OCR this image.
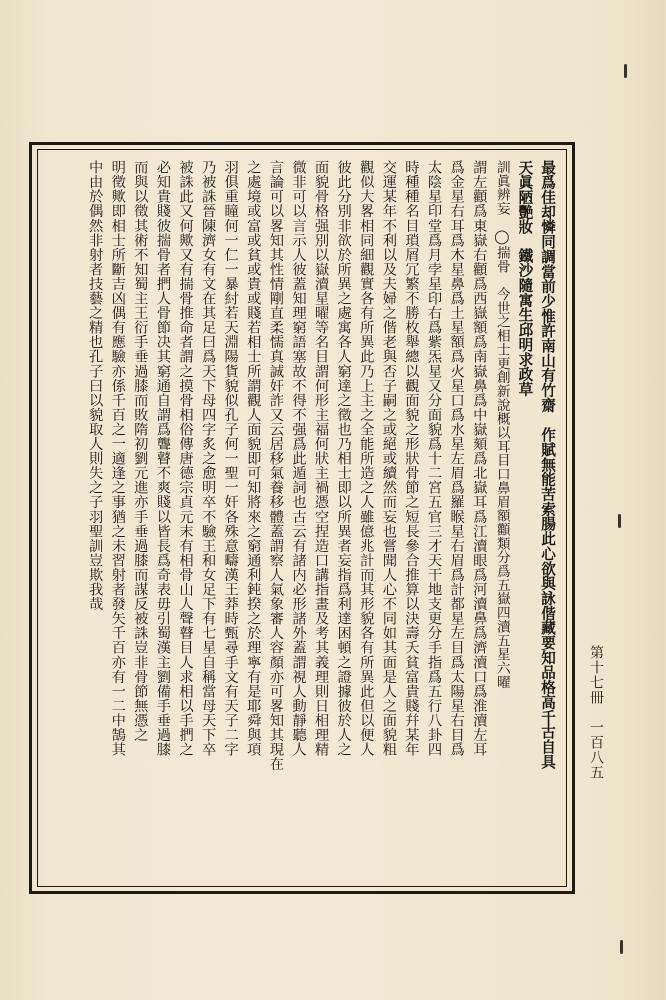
最爲佳却憐同調當前少惟許南山有竹齋　作賦無能苦索腸此心欲與詠偕藏要知品格高千古自具
天眞陋艷妝鐵沙隨寓生邱明求政草
訓眞辨妄　◯揣骨　今世之相士更創新說概以耳目口鼻眉額顴類分爲五嶽四瀆五星六曜
謂左顴爲東嶽右顴爲西嶽額爲南嶽鼻爲中嶽頦爲北嶽耳爲江瀆眼爲河瀆鼻爲濟瀆口爲淮瀆左耳
爲金星右耳爲木星鼻爲土星額爲火星口爲水星左眉爲羅睺星右眉爲計都星左目爲太陽星右目爲
太陰星印堂爲月孛星印右爲紫炁星又分面貌爲十二宮五官三才天干地支更分手指爲五行八卦四
時種種名目瑣屑冗繁不勝枚舉總以觀面貌之形狀骨節之短長參合推算以決壽夭貧富貴賤幷某年
交運某年不利以及夫婦之偕老與否子嗣之或絕或續然而妄也嘗聞人心不同如其面是人之面貌粗
觀似大畧相同細觀實各有所異此乃上主之全能所造之人雖億兆計而其形貌各有所異此但以便人
彼此分別非欲於所異之處寓各人窮達之徵也乃相士即以所異者妄指爲利達困頓之證據彼於人之
面貌骨格强別以嶽瀆星曜等名目謂何形主福何狀主禍憑空捏造口講指畫及考其義理則日相理精
微非可以言示人彼蓋知理窮語塞故不得不强爲此遁詞也古云有諸内必形諸外蓋謂視人動靜聽人
言論可以畧知其性情剛直柔懦真誠奸詐又云居移氣養移體蓋謂察人氣象審人容顏亦可畧知其現在
之處境或富或貧或貴或賤若相士所謂觀人面貌即可知將來之窮通利鈍揆之於理寧有是耶舜與項
羽俱重瞳何一仁一暴紂若天淵陽貨貌似孔子何一聖一奸各殊意疇漢王莽時甄尋手文有天子二字
乃被誅晉陳濟女有文在其足曰爲天下母四字炙之愈明卒不驗王和女足下有七星自稱當母天下卒
被誅此又何歟又有揣骨推命者謂之摸骨相俗傳唐德宗貞元末有相骨山人聲瞽目人求相以手捫之
必知貴賤彼揣骨者捫人骨節决其窮通自謂爲聾瞽不爽賤以皆長爲奇表毋引蜀漢主劉備手垂過膝
而與以徵其術不知蜀主王衍手垂過膝而敗隋初劉元進亦手垂過膝而謀反被誅豈非骨節無憑之
明徵歟即相士所斷吉凶偶有應驗亦係千百之一適逢之事猶之未習射者發矢千百亦有一二中鵠其
中由於偶然非射者技藝之精也孔子曰以貌取人則失之子羽聖訓豈欺我哉
第十七冊　一百八五
